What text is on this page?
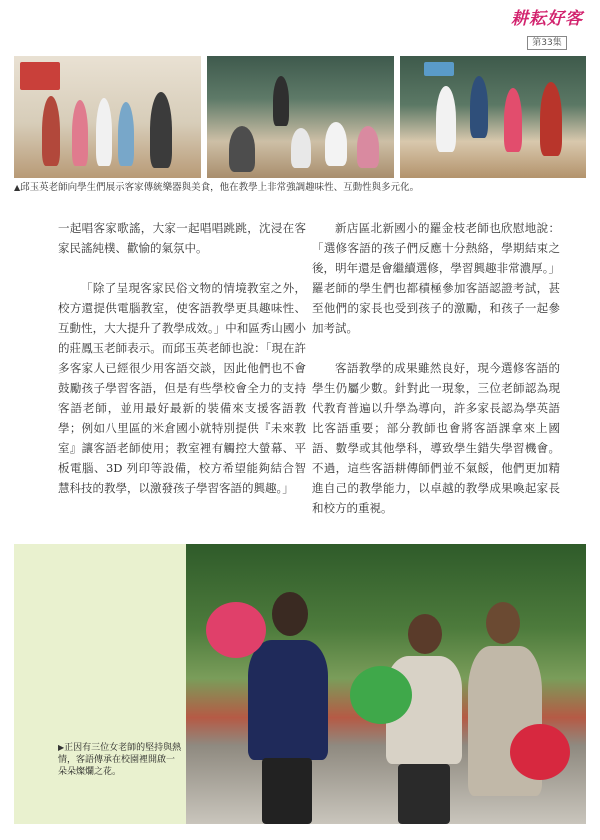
耕耘好客
第33集
▲邱玉英老師向學生們展示客家傳統樂器與美食，他在教學上非常強調趣味性、互動性與多元化。

一起唱客家歌謠，大家一起唱唱跳跳，沈浸在客家民謠純樸、歡愉的氣氛中。

「除了呈現客家民俗文物的情境教室之外，校方還提供電腦教室，使客語教學更具趣味性、互動性，大大提升了教學成效。」中和區秀山國小的莊鳳玉老師表示。而邱玉英老師也說：「現在許多客家人已經很少用客語交談，因此他們也不會鼓勵孩子學習客語，但是有些學校會全力的支持客語老師，並用最好最新的裝備來支援客語教學；例如八里區的米倉國小就特別提供『未來教室』讓客語老師使用；教室裡有觸控大螢幕、平板電腦、3D 列印等設備，校方希望能夠結合智慧科技的教學，以激發孩子學習客語的興趣。」

新店區北新國小的羅金枝老師也欣慰地說：「選修客語的孩子們反應十分熱絡，學期結束之後，明年還是會繼續選修，學習興趣非常濃厚。」羅老師的學生們也都積極參加客語認證考試，甚至他們的家長也受到孩子的激勵，和孩子一起參加考試。

客語教學的成果雖然良好，現今選修客語的學生仍屬少數。針對此一現象，三位老師認為現代教育普遍以升學為導向，許多家長認為學英語比客語重要；部分教師也會將客語課拿來上國語、數學或其他學科，導致學生錯失學習機會。不過，這些客語耕傳師們並不氣餒，他們更加精進自己的教學能力，以卓越的教學成果喚起家長和校方的重視。

▶正因有三位女老師的堅持與熱情，客語傳承在校園裡開啟一朵朵燦爛之花。
